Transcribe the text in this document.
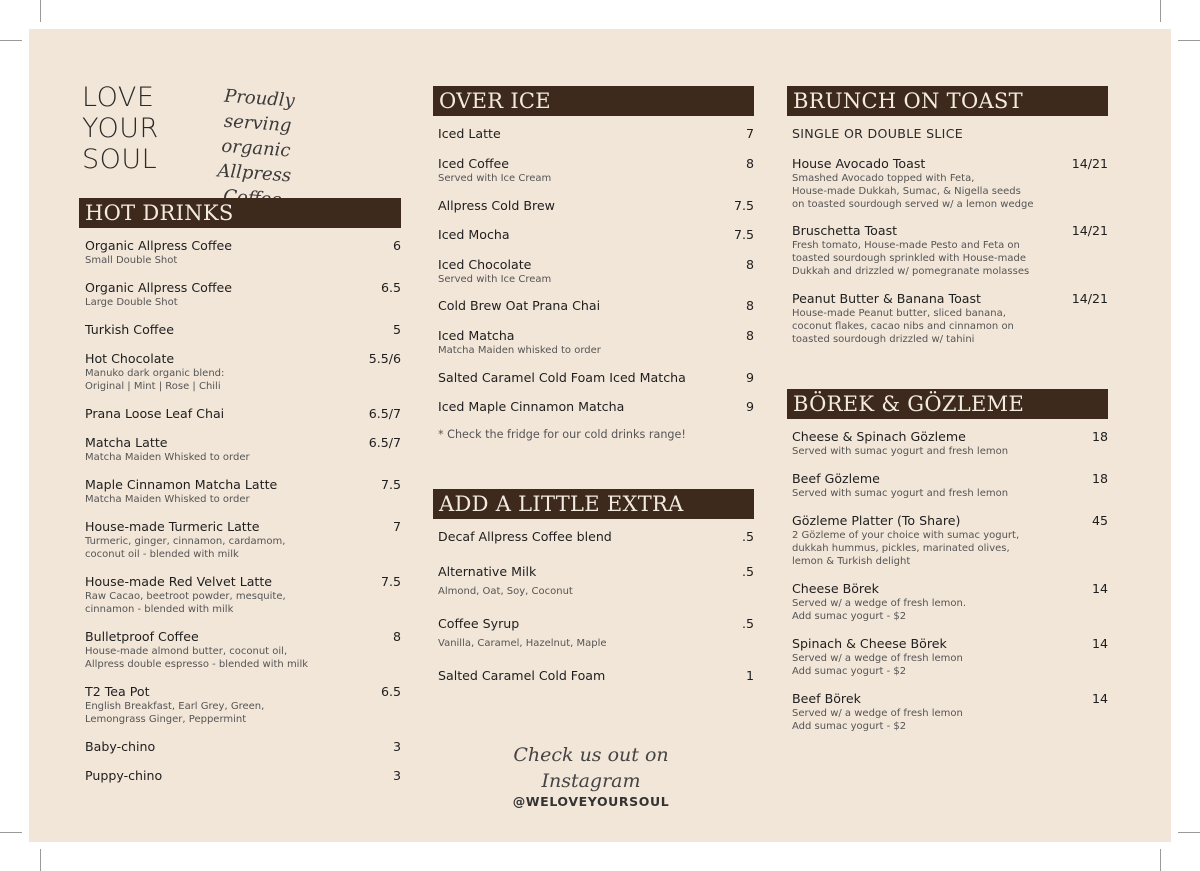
LOVE
YOUR
SOUL
Proudly serving
organic Allpress
HOT DRINKS
Organic Allpress Coffee	6
Small Double Shot
Organic Allpress Coffee	6.5
Large Double Shot
Turkish Coffee	5
Hot Chocolate	5.5/6
Manuko dark organic blend:
Original | Mint | Rose | Chili
Prana Loose Leaf Chai	6.5/7
Matcha Latte	6.5/7
Matcha Maiden Whisked to order
Maple Cinnamon Matcha Latte	7.5
Matcha Maiden Whisked to order
House-made Turmeric Latte	7
Turmeric, ginger, cinnamon, cardamom,
coconut oil - blended with milk
House-made Red Velvet Latte	7.5
Raw Cacao, beetroot powder, mesquite,
cinnamon - blended with milk
Bulletproof Coffee	8
House-made almond butter, coconut oil,
Allpress double espresso - blended with milk
T2 Tea Pot	6.5
English Breakfast, Earl Grey, Green,
Lemongrass Ginger, Peppermint
Baby-chino	3
Puppy-chino	3
OVER ICE
Iced Latte	7
Iced Coffee	8
Served with Ice Cream
Allpress Cold Brew	7.5
Iced Mocha	7.5
Iced Chocolate	8
Served with Ice Cream
Cold Brew Oat Prana Chai	8
Iced Matcha	8
Matcha Maiden whisked to order
Salted Caramel Cold Foam Iced Matcha	9
Iced Maple Cinnamon Matcha	9
* Check the fridge for our cold drinks range!
ADD A LITTLE EXTRA
Decaf Allpress Coffee blend	.5
Alternative Milk	.5
Almond, Oat, Soy, Coconut
Coffee Syrup	.5
Vanilla, Caramel, Hazelnut, Maple
Salted Caramel Cold Foam	1
Check us out on Instagram
@WELOVEYOURSOUL
BRUNCH ON TOAST
SINGLE OR DOUBLE SLICE
House Avocado Toast	14/21
Smashed Avocado topped with Feta,
House-made Dukkah, Sumac, & Nigella seeds
on toasted sourdough served w/ a lemon wedge
Bruschetta Toast	14/21
Fresh tomato, House-made Pesto and Feta on
toasted sourdough sprinkled with House-made
Dukkah and drizzled w/ pomegranate molasses
Peanut Butter & Banana Toast	14/21
House-made Peanut butter, sliced banana,
coconut flakes, cacao nibs and cinnamon on
toasted sourdough drizzled w/ tahini
BÖREK & GÖZLEME
Cheese & Spinach Gözleme	18
Served with sumac yogurt and fresh lemon
Beef Gözleme	18
Served with sumac yogurt and fresh lemon
Gözleme Platter (To Share)	45
2 Gözleme of your choice with sumac yogurt,
dukkah hummus, pickles, marinated olives,
lemon & Turkish delight
Cheese Börek	14
Served w/ a wedge of fresh lemon.
Add sumac yogurt - $2
Spinach & Cheese Börek	14
Served w/ a wedge of fresh lemon
Add sumac yogurt - $2
Beef Börek	14
Served w/ a wedge of fresh lemon
Add sumac yogurt - $2
